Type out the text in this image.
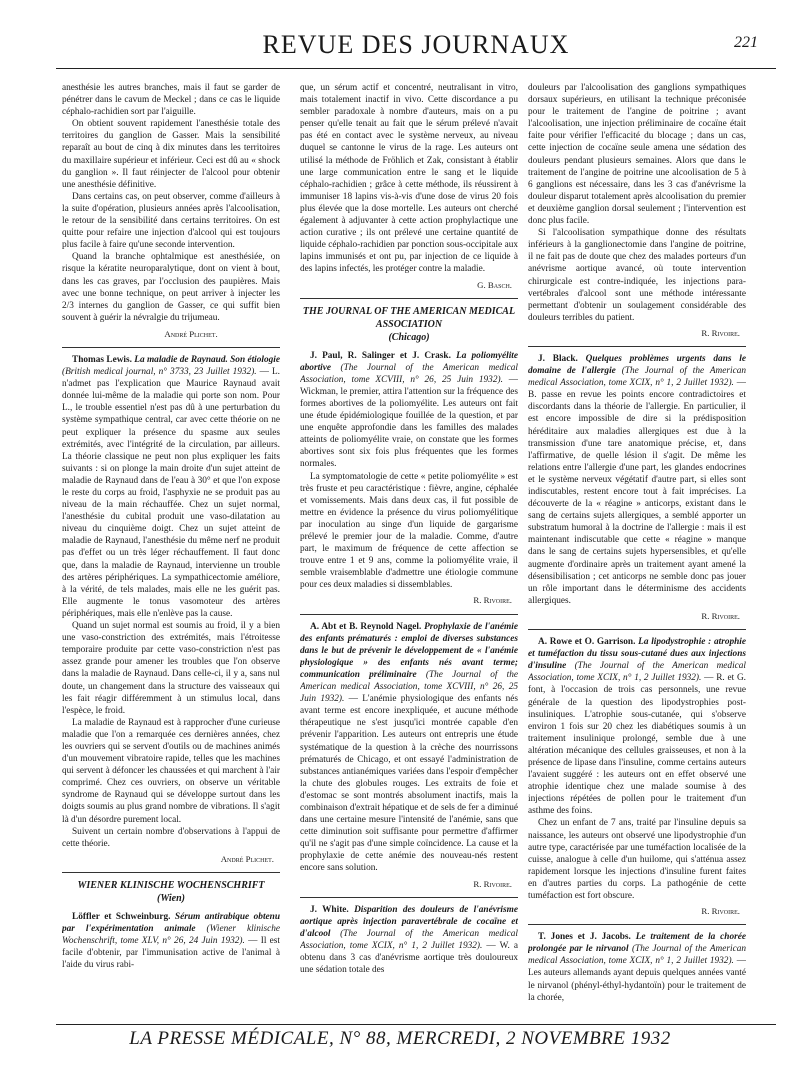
REVUE DES JOURNAUX	221

anesthésie les autres branches, mais il faut se garder de pénétrer dans le cavum de Meckel ; dans ce cas le liquide céphalo-rachidien sort par l'aiguille.

On obtient souvent rapidement l'anesthésie totale des territoires du ganglion de Gasser. Mais la sensibilité reparaît au bout de cinq à dix minutes dans les territoires du maxillaire supérieur et inférieur. Ceci est dû au « shock du ganglion ». Il faut réinjecter de l'alcool pour obtenir une anesthésie définitive.

Dans certains cas, on peut observer, comme d'ailleurs à la suite d'opération, plusieurs années après l'alcoolisation, le retour de la sensibilité dans certains territoires. On est quitte pour refaire une injection d'alcool qui est toujours plus facile à faire qu'une seconde intervention.

Quand la branche ophtalmique est anesthésiée, on risque la kératite neuroparalytique, dont on vient à bout, dans les cas graves, par l'occlusion des paupières. Mais avec une bonne technique, on peut arriver à injecter les 2/3 internes du ganglion de Gasser, ce qui suffit bien souvent à guérir la névralgie du trijumeau.

André Plichet.

Thomas Lewis. La maladie de Raynaud. Son étiologie (British medical journal, n° 3733, 23 Juillet 1932). — L. n'admet pas l'explication que Maurice Raynaud avait donnée lui-même de la maladie qui porte son nom. Pour L., le trouble essentiel n'est pas dû à une perturbation du système sympathique central, car avec cette théorie on ne peut expliquer la présence du spasme aux seules extrémités, avec l'intégrité de la circulation, par ailleurs. La théorie classique ne peut non plus expliquer les faits suivants : si on plonge la main droite d'un sujet atteint de maladie de Raynaud dans de l'eau à 30° et que l'on expose le reste du corps au froid, l'asphyxie ne se produit pas au niveau de la main réchauffée. Chez un sujet normal, l'anesthésie du cubital produit une vaso-dilatation au niveau du cinquième doigt. Chez un sujet atteint de maladie de Raynaud, l'anesthésie du même nerf ne produit pas d'effet ou un très léger réchauffement. Il faut donc que, dans la maladie de Raynaud, intervienne un trouble des artères périphériques. La sympathicectomie améliore, à la vérité, de tels malades, mais elle ne les guérit pas. Elle augmente le tonus vasomoteur des artères périphériques, mais elle n'enlève pas la cause.

Quand un sujet normal est soumis au froid, il y a bien une vaso-constriction des extrémités, mais l'étroitesse temporaire produite par cette vaso-constriction n'est pas assez grande pour amener les troubles que l'on observe dans la maladie de Raynaud. Dans celle-ci, il y a, sans nul doute, un changement dans la structure des vaisseaux qui les fait réagir différemment à un stimulus local, dans l'espèce, le froid.

La maladie de Raynaud est à rapprocher d'une curieuse maladie que l'on a remarquée ces dernières années, chez les ouvriers qui se servent d'outils ou de machines animés d'un mouvement vibratoire rapide, telles que les machines qui servent à défoncer les chaussées et qui marchent à l'air comprimé. Chez ces ouvriers, on observe un véritable syndrome de Raynaud qui se développe surtout dans les doigts soumis au plus grand nombre de vibrations. Il s'agit là d'un désordre purement local.

Suivent un certain nombre d'observations à l'appui de cette théorie.

André Plichet.
WIENER KLINISCHE WOCHENSCHRIFT
(Wien)

Löffler et Schweinburg. Sérum antirabique obtenu par l'expérimentation animale (Wiener klinische Wochenschrift, tome XLV, n° 26, 24 Juin 1932). — Il est facile d'obtenir, par l'immunisation active de l'animal à l'aide du virus rabi-

que, un sérum actif et concentré, neutralisant in vitro, mais totalement inactif in vivo. Cette discordance a pu sembler paradoxale à nombre d'auteurs, mais on a pu penser qu'elle tenait au fait que le sérum prélevé n'avait pas été en contact avec le système nerveux, au niveau duquel se cantonne le virus de la rage. Les auteurs ont utilisé la méthode de Fröhlich et Zak, consistant à établir une large communication entre le sang et le liquide céphalo-rachidien ; grâce à cette méthode, ils réussirent à immuniser 18 lapins vis-à-vis d'une dose de virus 20 fois plus élevée que la dose mortelle. Les auteurs ont cherché également à adjuvanter à cette action prophylactique une action curative ; ils ont prélevé une certaine quantité de liquide céphalo-rachidien par ponction sous-occipitale aux lapins immunisés et ont pu, par injection de ce liquide à des lapins infectés, les protéger contre la maladie.

G. Basch.
THE JOURNAL OF THE AMERICAN MEDICAL ASSOCIATION
(Chicago)

J. Paul, R. Salinger et J. Crask. La poliomyélite abortive (The Journal of the American medical Association, tome XCVIII, n° 26, 25 Juin 1932). — Wickman, le premier, attira l'attention sur la fréquence des formes abortives de la poliomyélite. Les auteurs ont fait une étude épidémiologique fouillée de la question, et par une enquête approfondie dans les familles des malades atteints de poliomyélite vraie, on constate que les formes abortives sont six fois plus fréquentes que les formes normales.

La symptomatologie de cette « petite poliomyélite » est très fruste et peu caractéristique : fièvre, angine, céphalée et vomissements. Mais dans deux cas, il fut possible de mettre en évidence la présence du virus poliomyélitique par inoculation au singe d'un liquide de gargarisme prélevé le premier jour de la maladie. Comme, d'autre part, le maximum de fréquence de cette affection se trouve entre 1 et 9 ans, comme la poliomyélite vraie, il semble vraisemblable d'admettre une étiologie commune pour ces deux maladies si dissemblables.

R. Rivoire.

A. Abt et B. Reynold Nagel. Prophylaxie de l'anémie des enfants prématurés : emploi de diverses substances dans le but de prévenir le développement de « l'anémie physiologique » des enfants nés avant terme; communication préliminaire (The Journal of the American medical Association, tome XCVIII, n° 26, 25 Juin 1932). — L'anémie physiologique des enfants nés avant terme est encore inexpliquée, et aucune méthode thérapeutique ne s'est jusqu'ici montrée capable d'en prévenir l'apparition. Les auteurs ont entrepris une étude systématique de la question à la crèche des nourrissons prématurés de Chicago, et ont essayé l'administration de substances antianémiques variées dans l'espoir d'empêcher la chute des globules rouges. Les extraits de foie et d'estomac se sont montrés absolument inactifs, mais la combinaison d'extrait hépatique et de sels de fer a diminué dans une certaine mesure l'intensité de l'anémie, sans que cette diminution soit suffisante pour permettre d'affirmer qu'il ne s'agit pas d'une simple coïncidence. La cause et la prophylaxie de cette anémie des nouveau-nés restent encore sans solution.

R. Rivoire.

J. White. Disparition des douleurs de l'anévrisme aortique après injection paravertébrale de cocaïne et d'alcool (The Journal of the American medical Association, tome XCIX, n° 1, 2 Juillet 1932). — W. a obtenu dans 3 cas d'anévrisme aortique très douloureux une sédation totale des

douleurs par l'alcoolisation des ganglions sympathiques dorsaux supérieurs, en utilisant la technique préconisée pour le traitement de l'angine de poitrine ; avant l'alcoolisation, une injection préliminaire de cocaïne était faite pour vérifier l'efficacité du blocage ; dans un cas, cette injection de cocaïne seule amena une sédation des douleurs pendant plusieurs semaines. Alors que dans le traitement de l'angine de poitrine une alcoolisation de 5 à 6 ganglions est nécessaire, dans les 3 cas d'anévrisme la douleur disparut totalement après alcoolisation du premier et deuxième ganglion dorsal seulement ; l'intervention est donc plus facile.

Si l'alcoolisation sympathique donne des résultats inférieurs à la ganglionectomie dans l'angine de poitrine, il ne fait pas de doute que chez des malades porteurs d'un anévrisme aortique avancé, où toute intervention chirurgicale est contre-indiquée, les injections para-vertébrales d'alcool sont une méthode intéressante permettant d'obtenir un soulagement considérable des douleurs terribles du patient.

R. Rivoire.

J. Black. Quelques problèmes urgents dans le domaine de l'allergie (The Journal of the American medical Association, tome XCIX, n° 1, 2 Juillet 1932). — B. passe en revue les points encore contradictoires et discordants dans la théorie de l'allergie. En particulier, il est encore impossible de dire si la prédisposition héréditaire aux maladies allergiques est due à la transmission d'une tare anatomique précise, et, dans l'affirmative, de quelle lésion il s'agit. De même les relations entre l'allergie d'une part, les glandes endocrines et le système nerveux végétatif d'autre part, si elles sont indiscutables, restent encore tout à fait imprécises. La découverte de la « réagine » anticorps, existant dans le sang de certains sujets allergiques, a semblé apporter un substratum humoral à la doctrine de l'allergie : mais il est maintenant indiscutable que cette « réagine » manque dans le sang de certains sujets hypersensibles, et qu'elle augmente d'ordinaire après un traitement ayant amené la désensibilisation ; cet anticorps ne semble donc pas jouer un rôle important dans le déterminisme des accidents allergiques.

R. Rivoire.

A. Rowe et O. Garrison. La lipodystrophie : atrophie et tuméfaction du tissu sous-cutané dues aux injections d'insuline (The Journal of the American medical Association, tome XCIX, n° 1, 2 Juillet 1932). — R. et G. font, à l'occasion de trois cas personnels, une revue générale de la question des lipodystrophies post-insuliniques. L'atrophie sous-cutanée, qui s'observe environ 1 fois sur 20 chez les diabétiques soumis à un traitement insulinique prolongé, semble due à une altération mécanique des cellules graisseuses, et non à la présence de lipase dans l'insuline, comme certains auteurs l'avaient suggéré : les auteurs ont en effet observé une atrophie identique chez une malade soumise à des injections répétées de pollen pour le traitement d'un asthme des foins.

Chez un enfant de 7 ans, traité par l'insuline depuis sa naissance, les auteurs ont observé une lipodystrophie d'un autre type, caractérisée par une tuméfaction localisée de la cuisse, analogue à celle d'un huilome, qui s'atténua assez rapidement lorsque les injections d'insuline furent faites en d'autres parties du corps. La pathogénie de cette tuméfaction est fort obscure.

R. Rivoire.

T. Jones et J. Jacobs. Le traitement de la chorée prolongée par le nirvanol (The Journal of the American medical Association, tome XCIX, n° 1, 2 Juillet 1932). — Les auteurs allemands ayant depuis quelques années vanté le nirvanol (phényl-éthyl-hydantoïn) pour le traitement de la chorée,

LA PRESSE MÉDICALE, N° 88, MERCREDI, 2 NOVEMBRE 1932
